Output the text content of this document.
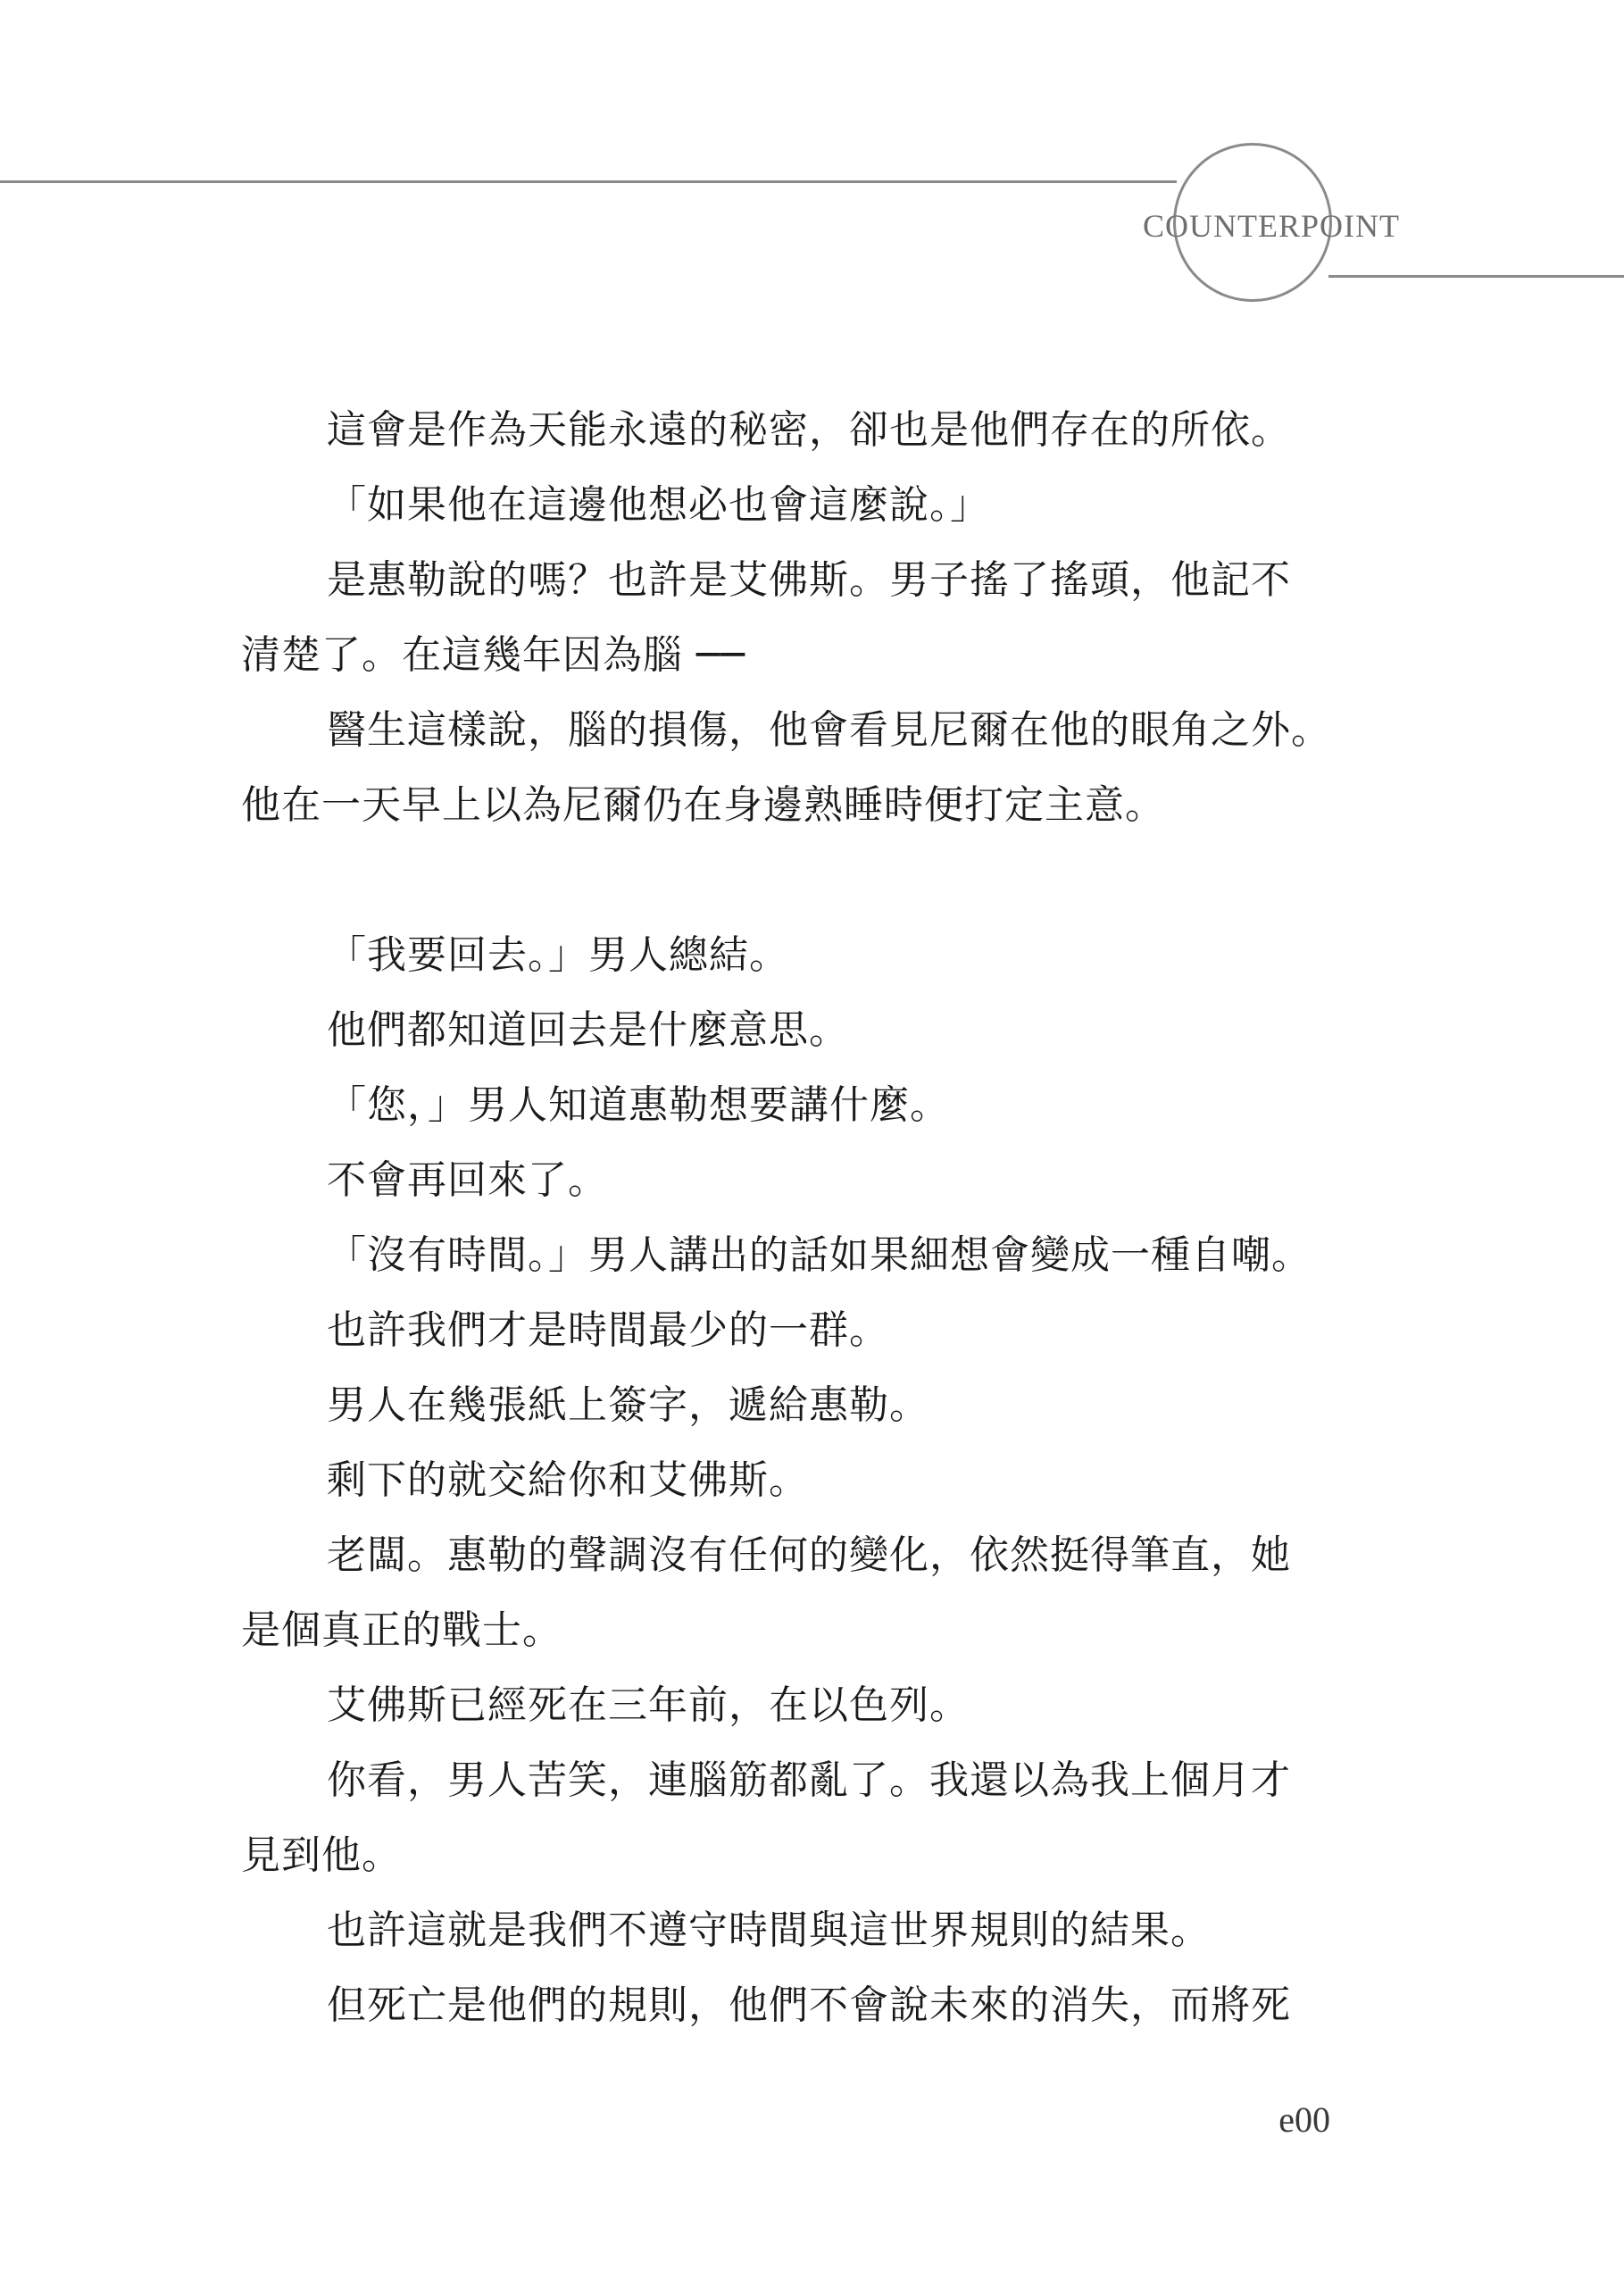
COUNTERPOINT
這會是作為天能永遠的秘密，卻也是他們存在的所依。
「如果他在這邊他想必也會這麼說。」
是惠勒說的嗎？也許是艾佛斯。男子搖了搖頭，他記不
清楚了。在這幾年因為腦 ──
醫生這樣說，腦的損傷，他會看見尼爾在他的眼角之外。
他在一天早上以為尼爾仍在身邊熟睡時便打定主意。
「我要回去。」男人總結。
他們都知道回去是什麼意思。
「您，」男人知道惠勒想要講什麼。
不會再回來了。
「沒有時間。」男人講出的話如果細想會變成一種自嘲。
也許我們才是時間最少的一群。
男人在幾張紙上簽字，遞給惠勒。
剩下的就交給你和艾佛斯。
老闆。惠勒的聲調沒有任何的變化，依然挺得筆直，她
是個真正的戰士。
艾佛斯已經死在三年前，在以色列。
你看，男人苦笑，連腦筋都亂了。我還以為我上個月才
見到他。
也許這就是我們不遵守時間與這世界規則的結果。
但死亡是他們的規則，他們不會說未來的消失，而將死
e00
